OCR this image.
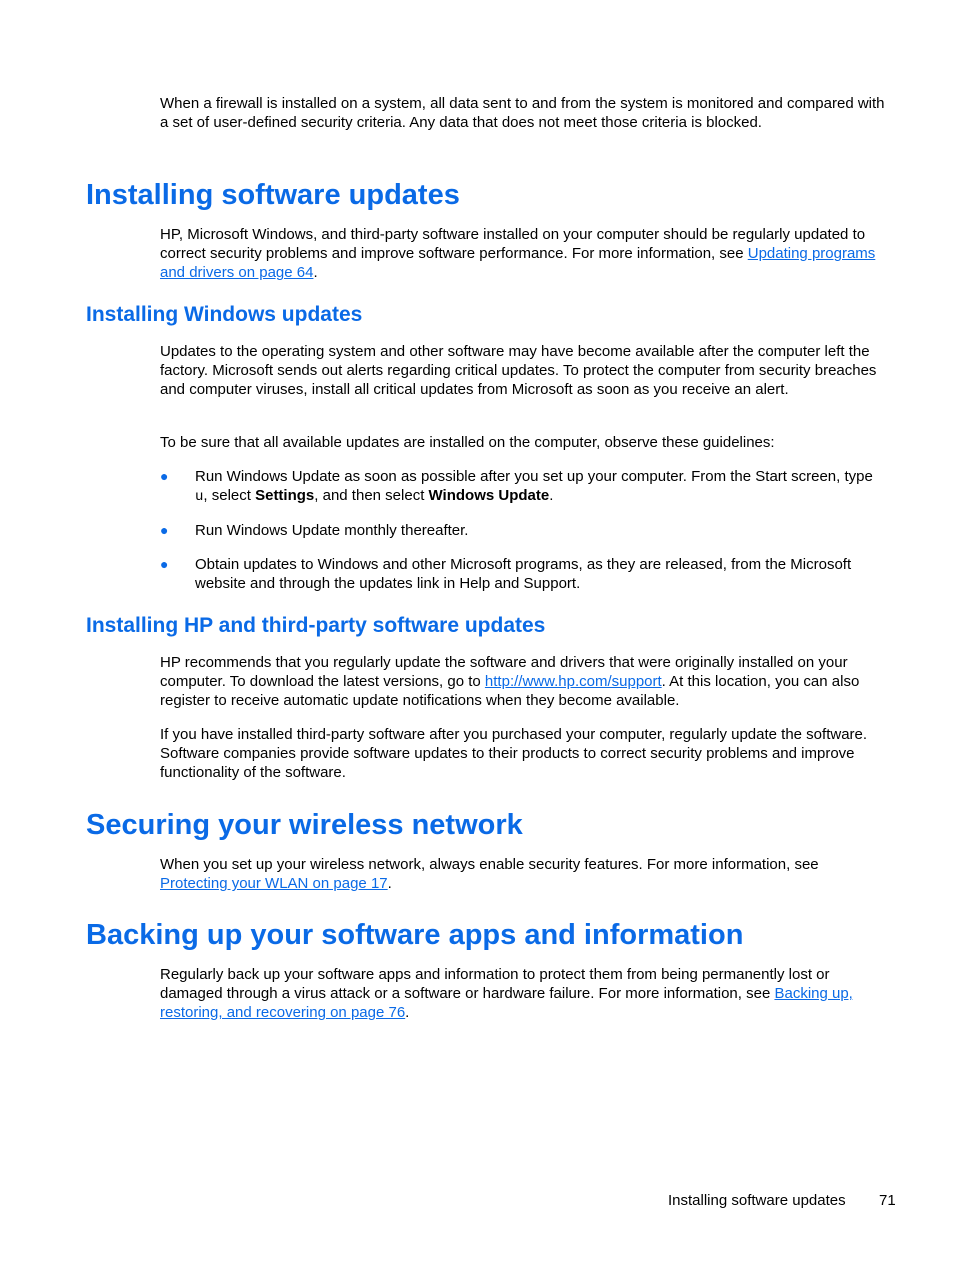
When a firewall is installed on a system, all data sent to and from the system is monitored and compared with a set of user-defined security criteria. Any data that does not meet those criteria is blocked.

Installing software updates

HP, Microsoft Windows, and third-party software installed on your computer should be regularly updated to correct security problems and improve software performance. For more information, see Updating programs and drivers on page 64.

Installing Windows updates

Updates to the operating system and other software may have become available after the computer left the factory. Microsoft sends out alerts regarding critical updates. To protect the computer from security breaches and computer viruses, install all critical updates from Microsoft as soon as you receive an alert.

To be sure that all available updates are installed on the computer, observe these guidelines:

● Run Windows Update as soon as possible after you set up your computer. From the Start screen, type u, select Settings, and then select Windows Update.
● Run Windows Update monthly thereafter.
● Obtain updates to Windows and other Microsoft programs, as they are released, from the Microsoft website and through the updates link in Help and Support.
Installing HP and third-party software updates

HP recommends that you regularly update the software and drivers that were originally installed on your computer. To download the latest versions, go to http://www.hp.com/support. At this location, you can also register to receive automatic update notifications when they become available.

If you have installed third-party software after you purchased your computer, regularly update the software. Software companies provide software updates to their products to correct security problems and improve functionality of the software.

Securing your wireless network

When you set up your wireless network, always enable security features. For more information, see Protecting your WLAN on page 17.

Backing up your software apps and information

Regularly back up your software apps and information to protect them from being permanently lost or damaged through a virus attack or a software or hardware failure. For more information, see Backing up, restoring, and recovering on page 76.

Installing software updates 71
